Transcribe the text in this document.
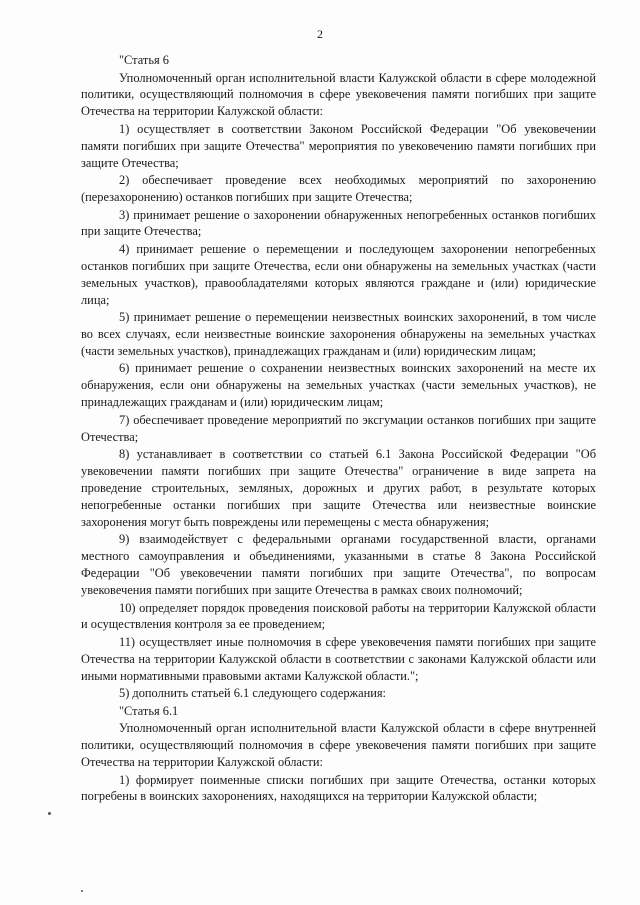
2

"Статья 6

Уполномоченный орган исполнительной власти Калужской области в сфере молодежной политики, осуществляющий полномочия в сфере увековечения памяти погибших при защите Отечества на территории Калужской области:

1) осуществляет в соответствии Законом Российской Федерации "Об увековечении памяти погибших при защите Отечества" мероприятия по увековечению памяти погибших при защите Отечества;

2) обеспечивает проведение всех необходимых мероприятий по захоронению (перезахоронению) останков погибших при защите Отечества;

3) принимает решение о захоронении обнаруженных непогребенных останков погибших при защите Отечества;

4) принимает решение о перемещении и последующем захоронении непогребенных останков погибших при защите Отечества, если они обнаружены на земельных участках (части земельных участков), правообладателями которых являются граждане и (или) юридические лица;

5) принимает решение о перемещении неизвестных воинских захоронений, в том числе во всех случаях, если неизвестные воинские захоронения обнаружены на земельных участках (части земельных участков), принадлежащих гражданам и (или) юридическим лицам;

6) принимает решение о сохранении неизвестных воинских захоронений на месте их обнаружения, если они обнаружены на земельных участках (части земельных участков), не принадлежащих гражданам и (или) юридическим лицам;

7) обеспечивает проведение мероприятий по эксгумации останков погибших при защите Отечества;

8) устанавливает в соответствии со статьей 6.1 Закона Российской Федерации "Об увековечении памяти погибших при защите Отечества" ограничение в виде запрета на проведение строительных, земляных, дорожных и других работ, в результате которых непогребенные останки погибших при защите Отечества или неизвестные воинские захоронения могут быть повреждены или перемещены с места обнаружения;

9) взаимодействует с федеральными органами государственной власти, органами местного самоуправления и объединениями, указанными в статье 8 Закона Российской Федерации "Об увековечении памяти погибших при защите Отечества", по вопросам увековечения памяти погибших при защите Отечества в рамках своих полномочий;

10) определяет порядок проведения поисковой работы на территории Калужской области и осуществления контроля за ее проведением;

11) осуществляет иные полномочия в сфере увековечения памяти погибших при защите Отечества на территории Калужской области в соответствии с законами Калужской области или иными нормативными правовыми актами Калужской области.";

5) дополнить статьей 6.1 следующего содержания:

"Статья 6.1

Уполномоченный орган исполнительной власти Калужской области в сфере внутренней политики, осуществляющий полномочия в сфере увековечения памяти погибших при защите Отечества на территории Калужской области:

1) формирует поименные списки погибших при защите Отечества, останки которых погребены в воинских захоронениях, находящихся на территории Калужской области;
